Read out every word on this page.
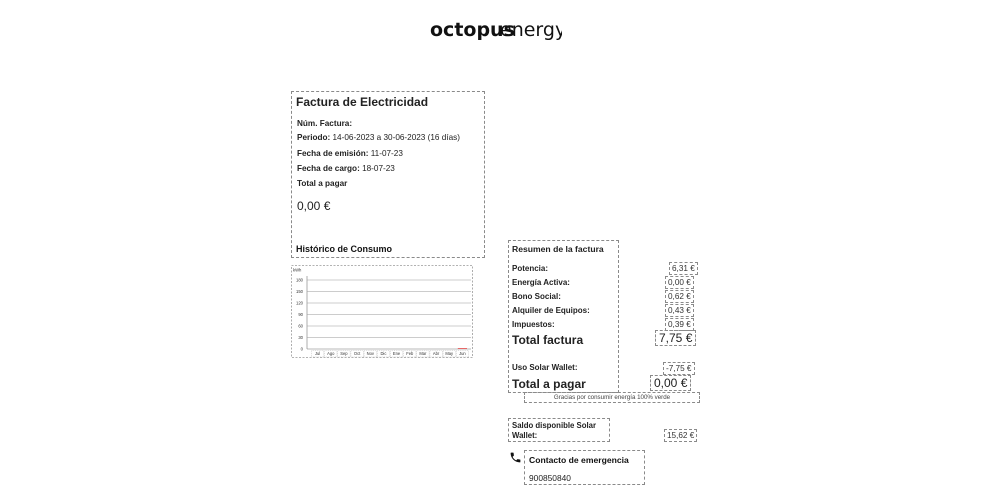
octopus
energy
Factura de Electricidad
Núm. Factura:
Periodo: 14-06-2023 a 30-06-2023 (16 días)
Fecha de emisión: 11-07-23
Fecha de cargo: 18-07-23
Total a pagar
0,00 €
Histórico de Consumo
kWh
0
30
60
90
120
150
180
Jul Ago Sep Oct Nov Dic Ene Feb Mar Abr May Jun
Resumen de la factura
Potencia:
Energía Activa:
Bono Social:
Alquiler de Equipos:
Impuestos:
Total factura
Uso Solar Wallet:
Total a pagar
6,31 €
0,00 €
0,62 €
0,43 €
0,39 €
7,75 €
-7,75 €
0,00 €
Gracias por consumir energía 100% verde
Saldo disponible Solar Wallet:	15,62 €
Contacto de emergencia
900850840
